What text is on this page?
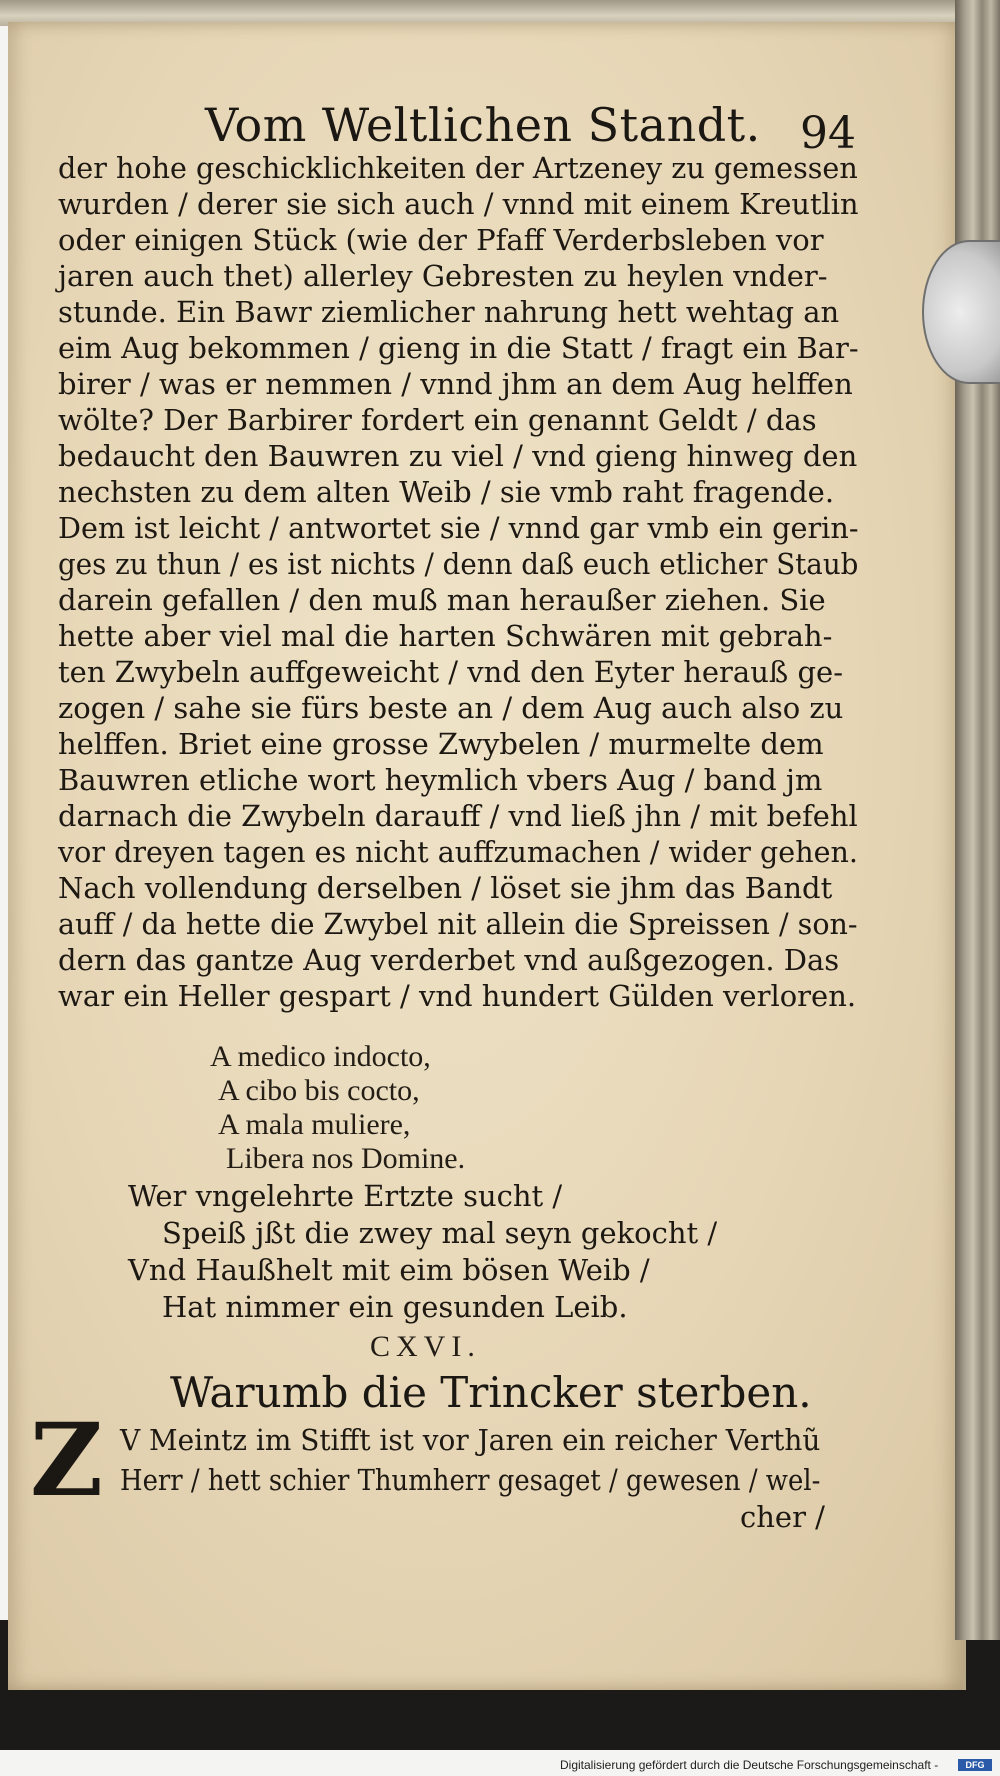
Vom Weltlichen Standt. 94
der hohe geschicklichkeiten der Artzeney zu gemessen
wurden / derer sie sich auch / vnnd mit einem Kreutlin
oder einigen Stück (wie der Pfaff Verderbsleben vor
jaren auch thet) allerley Gebresten zu heylen vnder-
stunde. Ein Bawr ziemlicher nahrung hett wehtag an
eim Aug bekommen / gieng in die Statt / fragt ein Bar-
birer / was er nemmen / vnnd jhm an dem Aug helffen
wölte? Der Barbirer fordert ein genannt Geldt / das
bedaucht den Bauwren zu viel / vnd gieng hinweg den
nechsten zu dem alten Weib / sie vmb raht fragende.
Dem ist leicht / antwortet sie / vnnd gar vmb ein gerin-
ges zu thun / es ist nichts / denn daß euch etlicher Staub
darein gefallen / den muß man heraußer ziehen. Sie
hette aber viel mal die harten Schwären mit gebrah-
ten Zwybeln auffgeweicht / vnd den Eyter herauß ge-
zogen / sahe sie fürs beste an / dem Aug auch also zu
helffen. Briet eine grosse Zwybelen / murmelte dem
Bauwren etliche wort heymlich vbers Aug / band jm
darnach die Zwybeln darauff / vnd ließ jhn / mit befehl
vor dreyen tagen es nicht auffzumachen / wider gehen.
Nach vollendung derselben / löset sie jhm das Bandt
auff / da hette die Zwybel nit allein die Spreissen / son-
dern das gantze Aug verderbet vnd außgezogen. Das
war ein Heller gespart / vnd hundert Gülden verloren.
A medico indocto,
A cibo bis cocto,
A mala muliere,
Libera nos Domine.
Wer vngelehrte Ertzte sucht /
Speiß jßt die zwey mal seyn gekocht /
Vnd Haußhelt mit eim bösen Weib /
Hat nimmer ein gesunden Leib.
CXVI.
Warumb die Trincker sterben.
Z V Meintz im Stifft ist vor Jaren ein reicher Verthũ
Herr / hett schier Thumherr gesaget / gewesen / wel-
cher /
Digitalisierung gefördert durch die Deutsche Forschungsgemeinschaft -	DFG
